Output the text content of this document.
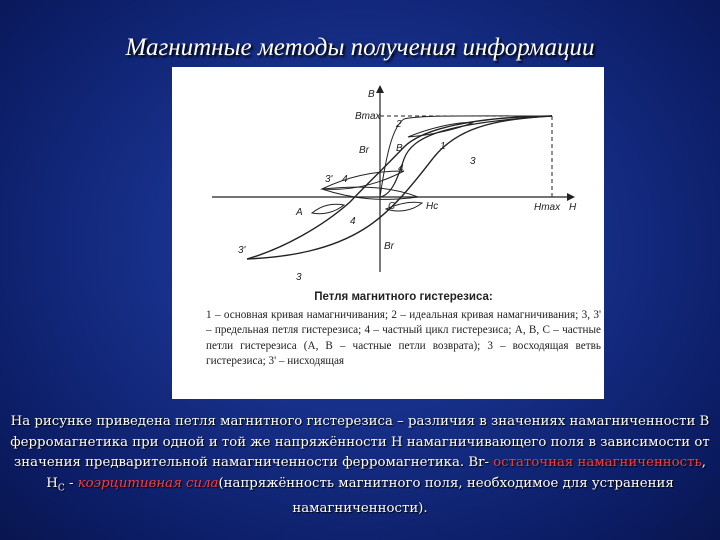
Магнитные методы получения информации
B
H
Bmax
Hmax
Br
Br
Hc
1
2
3
3
3'
3'
4
4
4
A
B
C
Петля магнитного гистерезиса:
1 – основная кривая намагничивания; 2 – идеальная кривая намагничивания; 3, 3' – предельная петля гистерезиса; 4 – частный цикл гистерезиса; A, B, C – частные петли гистерезиса (A, B – частные петли возврата); 3 – восходящая ветвь гистерезиса; 3' – нисходящая
На рисунке приведена петля магнитного гистерезиса – различия в значениях намагниченности В ферромагнетика при одной и той же напряжённости Н намагничивающего поля в зависимости от значения предварительной намагниченности ферромагнетика. Br- остаточная намагниченность, $H_C$ - коэрцитивная сила(напряжённость магнитного поля, необходимое для устранения намагниченности).
